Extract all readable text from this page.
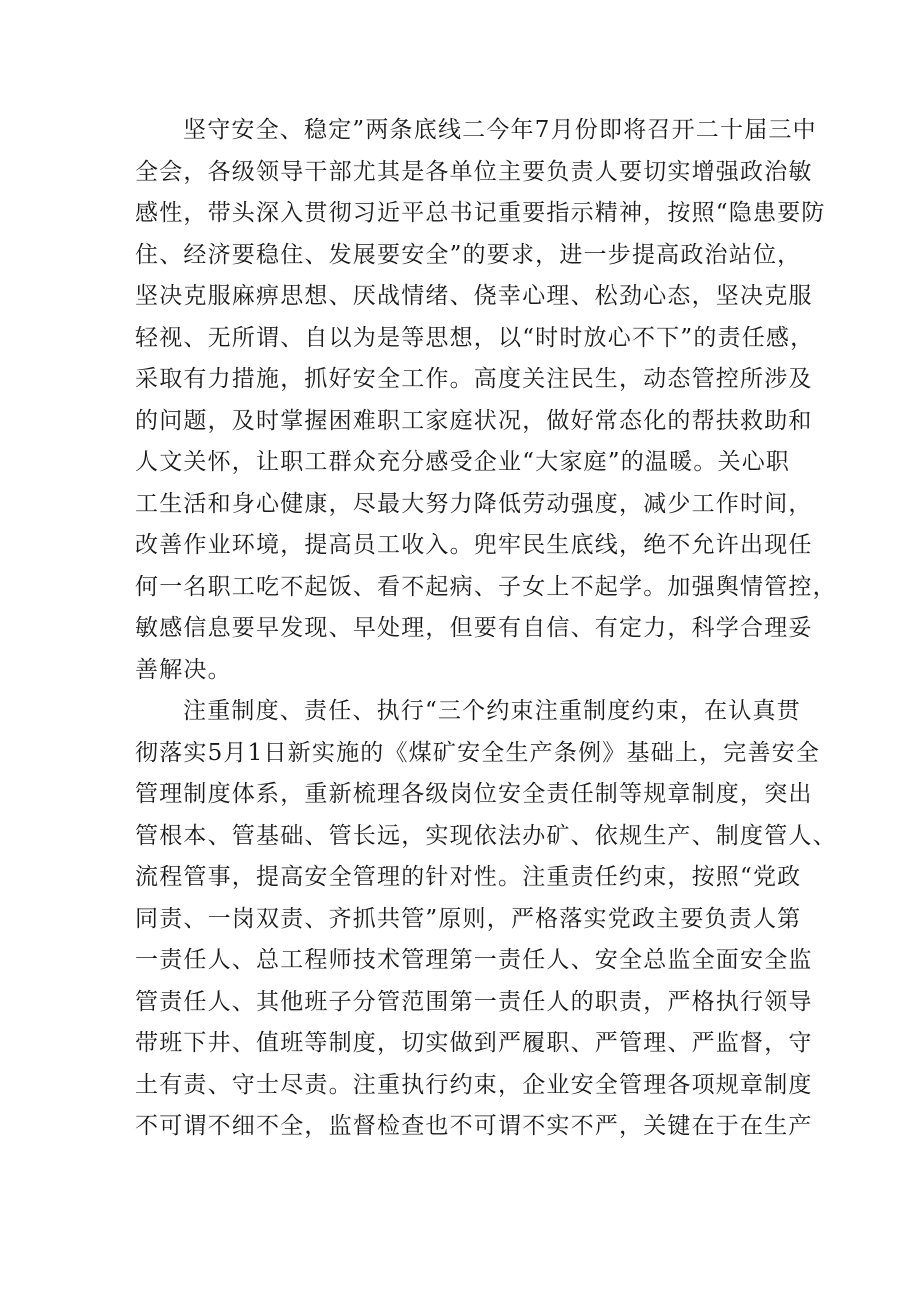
坚守安全、稳定”两条底线二今年7月份即将召开二十届三中
全会，各级领导干部尤其是各单位主要负责人要切实增强政治敏
感性，带头深入贯彻习近平总书记重要指示精神，按照“隐患要防
住、经济要稳住、发展要安全”的要求，进一步提高政治站位，
坚决克服麻痹思想、厌战情绪、侥幸心理、松劲心态，坚决克服
轻视、无所谓、自以为是等思想，以“时时放心不下”的责任感，
采取有力措施，抓好安全工作。高度关注民生，动态管控所涉及
的问题，及时掌握困难职工家庭状况，做好常态化的帮扶救助和
人文关怀，让职工群众充分感受企业“大家庭”的温暖。关心职
工生活和身心健康，尽最大努力降低劳动强度，减少工作时间，
改善作业环境，提高员工收入。兜牢民生底线，绝不允许出现任
何一名职工吃不起饭、看不起病、子女上不起学。加强舆情管控，
敏感信息要早发现、早处理，但要有自信、有定力，科学合理妥
善解决。
注重制度、责任、执行“三个约束注重制度约束，在认真贯
彻落实5月1日新实施的《煤矿安全生产条例》基础上，完善安全
管理制度体系，重新梳理各级岗位安全责任制等规章制度，突出
管根本、管基础、管长远，实现依法办矿、依规生产、制度管人、
流程管事，提高安全管理的针对性。注重责任约束，按照“党政
同责、一岗双责、齐抓共管”原则，严格落实党政主要负责人第
一责任人、总工程师技术管理第一责任人、安全总监全面安全监
管责任人、其他班子分管范围第一责任人的职责，严格执行领导
带班下井、值班等制度，切实做到严履职、严管理、严监督，守
土有责、守士尽责。注重执行约束，企业安全管理各项规章制度
不可谓不细不全，监督检查也不可谓不实不严，关键在于在生产
